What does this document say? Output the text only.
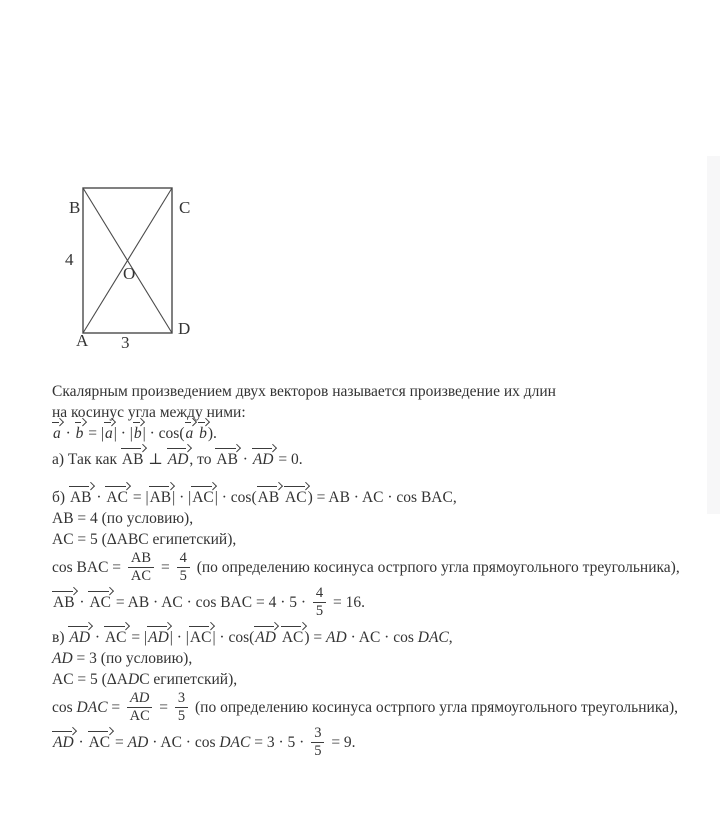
B	C
4
O
A
D
3
Скалярным произведением двух векторов называется произведение их длин
на косинус угла между ними:
a · b = | a | · | b | · cos( a
b ).
а) Так как AB ⊥ AD , то AB · AD = 0.
б) AB · AC = | AB | · | AC | · cos( AB
AC ) = AB · AC · cos BAC,
AB = 4 (по условию),
AC = 5 (ΔABC египетский),
cos BAC = $\frac{AB}{AC} = \frac{4}{5} (по$ определению косинуса острпого угла прямоугольного треугольника),
AB · AC = AB · AC · cos BAC = $4 \cdot 5 \cdot \frac{4}{5} = 16$.
в) AD · AC = | AD | · | AC | · cos( AD
AC ) = AD · AC · cos DAC ,
AD = 3 (по условию),
AC = 5 (ΔA D C египетский),
cos DAC = $\frac{AD}{AC} = \frac{3}{5} (по$ определению косинуса острпого угла прямоугольного треугольника),
AD · AC = AD · AC · cos DAC = $3 \cdot 5 \cdot \frac{3}{5} = 9$.
